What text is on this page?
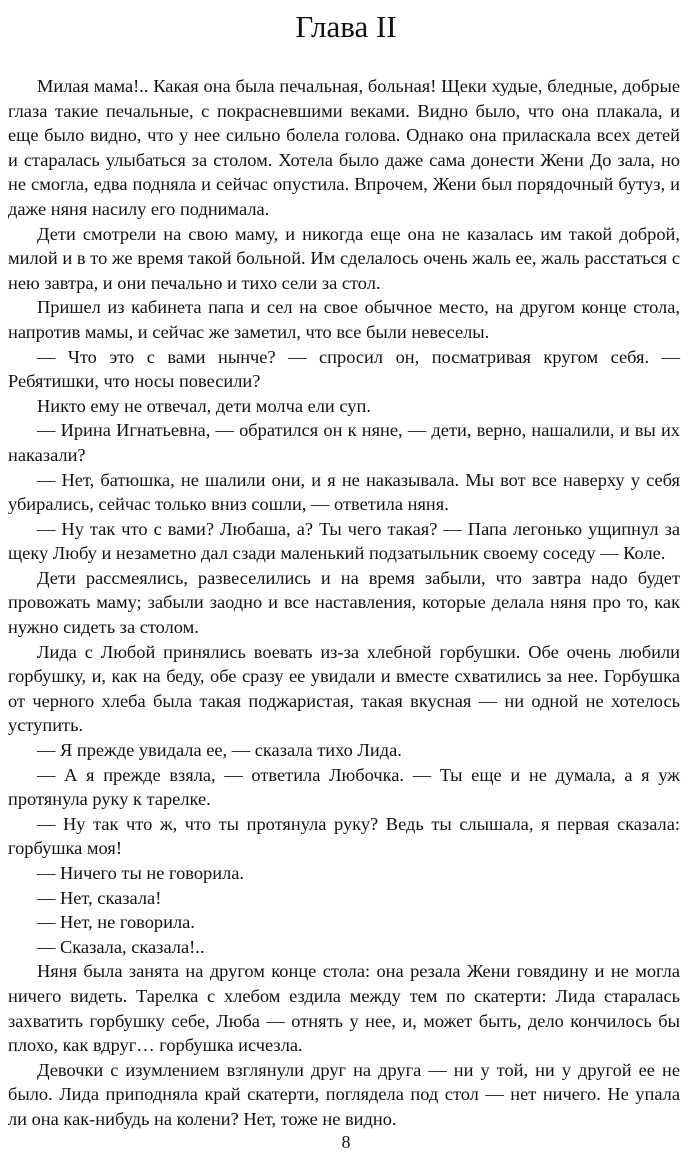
Глава II

Милая мама!.. Какая она была печальная, больная! Щеки худые, бледные, добрые глаза такие печальные, с покрасневшими веками. Видно было, что она плакала, и еще было видно, что у нее сильно болела голова. Однако она приласкала всех детей и старалась улыбаться за столом. Хотела было даже сама донести Жени До зала, но не смогла, едва подняла и сейчас опустила. Впрочем, Жени был порядочный бутуз, и даже няня насилу его поднимала.

Дети смотрели на свою маму, и никогда еще она не казалась им такой доброй, милой и в то же время такой больной. Им сделалось очень жаль ее, жаль расстаться с нею завтра, и они печально и тихо сели за стол.

Пришел из кабинета папа и сел на свое обычное место, на другом конце стола, напротив мамы, и сейчас же заметил, что все были невеселы.

— Что это с вами нынче? — спросил он, посматривая кругом себя. — Ребятишки, что носы повесили?

Никто ему не отвечал, дети молча ели суп.

— Ирина Игнатьевна, — обратился он к няне, — дети, верно, нашалили, и вы их наказали?

— Нет, батюшка, не шалили они, и я не наказывала. Мы вот все наверху у себя убирались, сейчас только вниз сошли, — ответила няня.

— Ну так что с вами? Любаша, а? Ты чего такая? — Папа легонько ущипнул за щеку Любу и незаметно дал сзади маленький подзатыльник своему соседу — Коле.

Дети рассмеялись, развеселились и на время забыли, что завтра надо будет провожать маму; забыли заодно и все наставления, которые делала няня про то, как нужно сидеть за столом.

Лида с Любой принялись воевать из-за хлебной горбушки. Обе очень любили горбушку, и, как на беду, обе сразу ее увидали и вместе схватились за нее. Горбушка от черного хлеба была такая поджаристая, такая вкусная — ни одной не хотелось уступить.

— Я прежде увидала ее, — сказала тихо Лида.

— А я прежде взяла, — ответила Любочка. — Ты еще и не думала, а я уж протянула руку к тарелке.

— Ну так что ж, что ты протянула руку? Ведь ты слышала, я первая сказала: горбушка моя!

— Ничего ты не говорила.

— Нет, сказала!

— Нет, не говорила.

— Сказала, сказала!..

Няня была занята на другом конце стола: она резала Жени говядину и не могла ничего видеть. Тарелка с хлебом ездила между тем по скатерти: Лида старалась захватить горбушку себе, Люба — отнять у нее, и, может быть, дело кончилось бы плохо, как вдруг… горбушка исчезла.

Девочки с изумлением взглянули друг на друга — ни у той, ни у другой ее не было. Лида приподняла край скатерти, поглядела под стол — нет ничего. Не упала ли она как-нибудь на колени? Нет, тоже не видно.

8
